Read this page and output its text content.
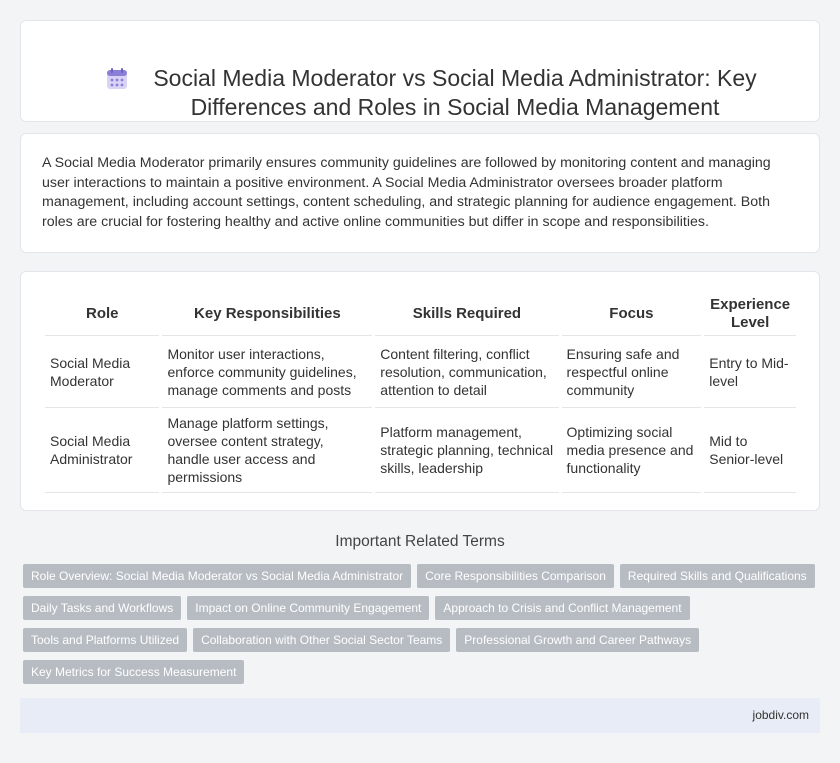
Social Media Moderator vs Social Media Administrator: Key Differences and Roles in Social Media Management

A Social Media Moderator primarily ensures community guidelines are followed by monitoring content and managing user interactions to maintain a positive environment. A Social Media Administrator oversees broader platform management, including account settings, content scheduling, and strategic planning for audience engagement. Both roles are crucial for fostering healthy and active online communities but differ in scope and responsibilities.

Role	Key Responsibilities	Skills Required	Focus	Experience Level
Social Media Moderator	Monitor user interactions, enforce community guidelines, manage comments and posts	Content filtering, conflict resolution, communication, attention to detail	Ensuring safe and respectful online community	Entry to Mid-level
Social Media Administrator	Manage platform settings, oversee content strategy, handle user access and permissions	Platform management, strategic planning, technical skills, leadership	Optimizing social media presence and functionality	Mid to Senior-level
Important Related Terms
Role Overview: Social Media Moderator vs Social Media Administrator	Core Responsibilities Comparison	Required Skills and Qualifications
Daily Tasks and Workflows	Impact on Online Community Engagement	Approach to Crisis and Conflict Management
Tools and Platforms Utilized	Collaboration with Other Social Sector Teams	Professional Growth and Career Pathways
Key Metrics for Success Measurement
jobdiv.com
